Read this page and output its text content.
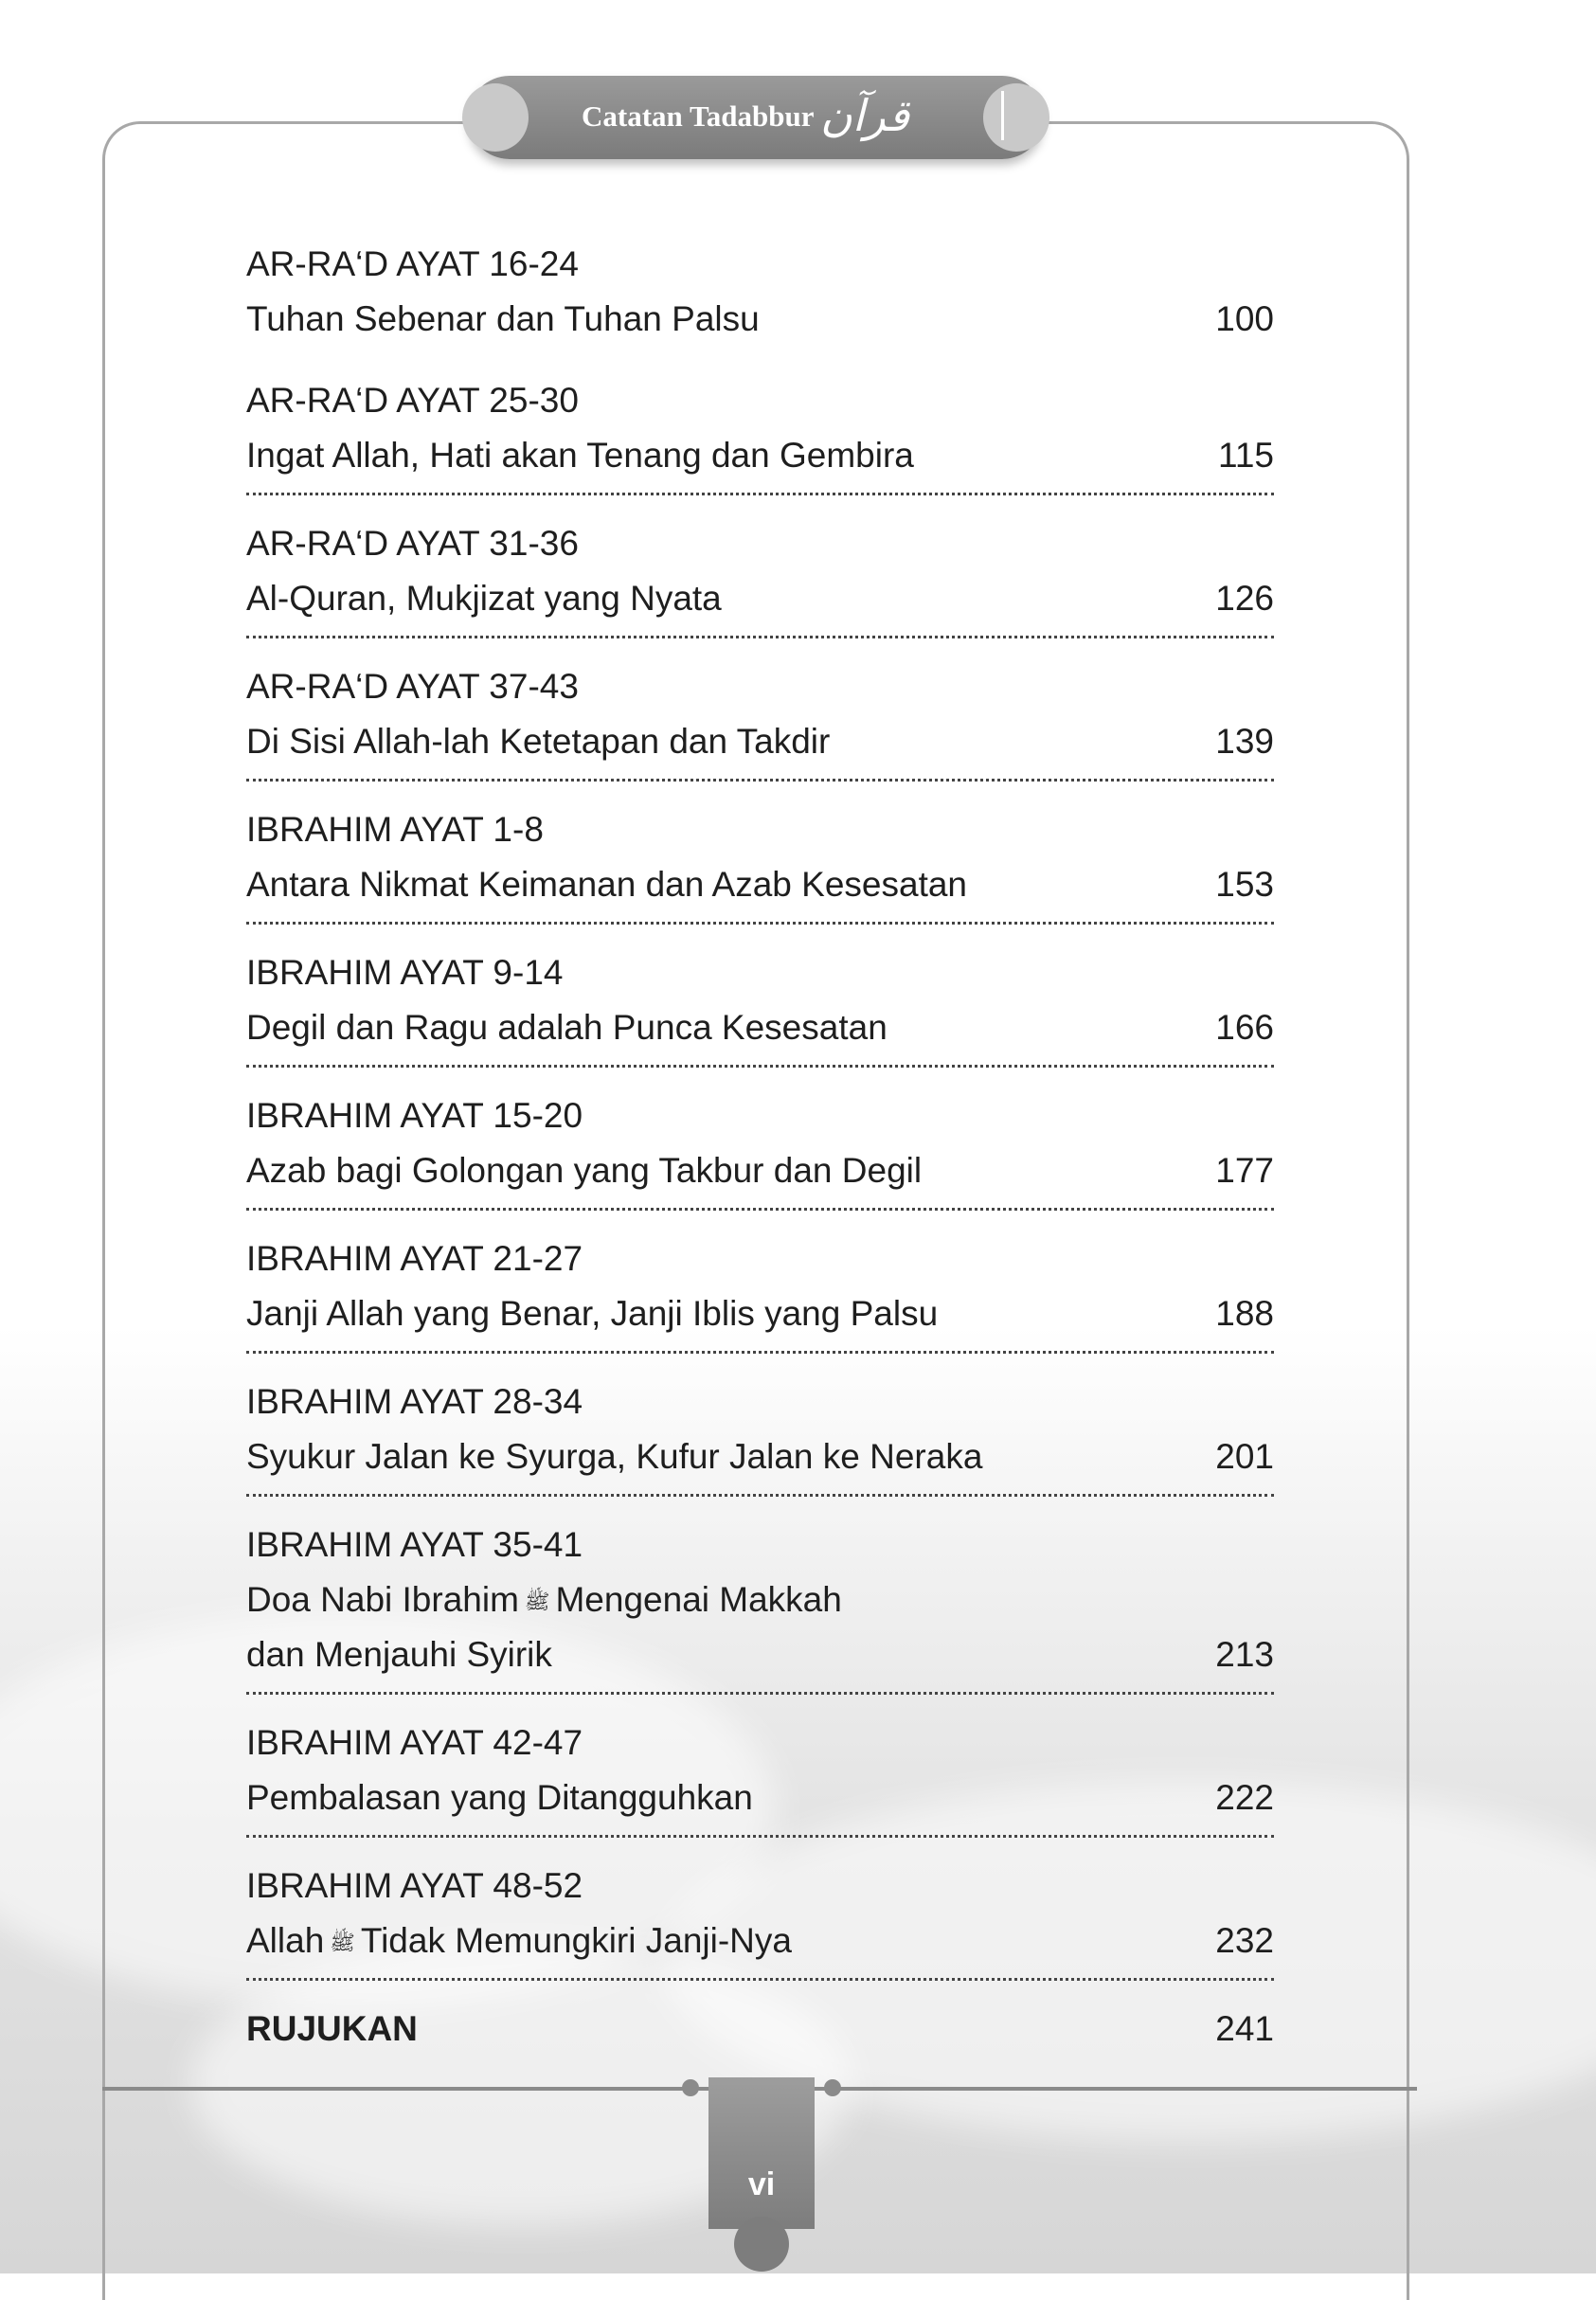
Catatan Tadabbur قرآن
AR-RA‘D AYAT 16-24
Tuhan Sebenar dan Tuhan Palsu	100
AR-RA‘D AYAT 25-30
Ingat Allah, Hati akan Tenang dan Gembira	115
AR-RA‘D AYAT 31-36
Al-Quran, Mukjizat yang Nyata	126
AR-RA‘D AYAT 37-43
Di Sisi Allah-lah Ketetapan dan Takdir	139
IBRAHIM AYAT 1-8
Antara Nikmat Keimanan dan Azab Kesesatan	153
IBRAHIM AYAT 9-14
Degil dan Ragu adalah Punca Kesesatan	166
IBRAHIM AYAT 15-20
Azab bagi Golongan yang Takbur dan Degil	177
IBRAHIM AYAT 21-27
Janji Allah yang Benar, Janji Iblis yang Palsu	188
IBRAHIM AYAT 28-34
Syukur Jalan ke Syurga, Kufur Jalan ke Neraka	201
IBRAHIM AYAT 35-41
Doa Nabi Ibrahim ﷺ Mengenai Makkah
dan Menjauhi Syirik	213
IBRAHIM AYAT 42-47
Pembalasan yang Ditangguhkan	222
IBRAHIM AYAT 48-52
Allah ﷺ Tidak Memungkiri Janji-Nya	232
RUJUKAN	241
vi
